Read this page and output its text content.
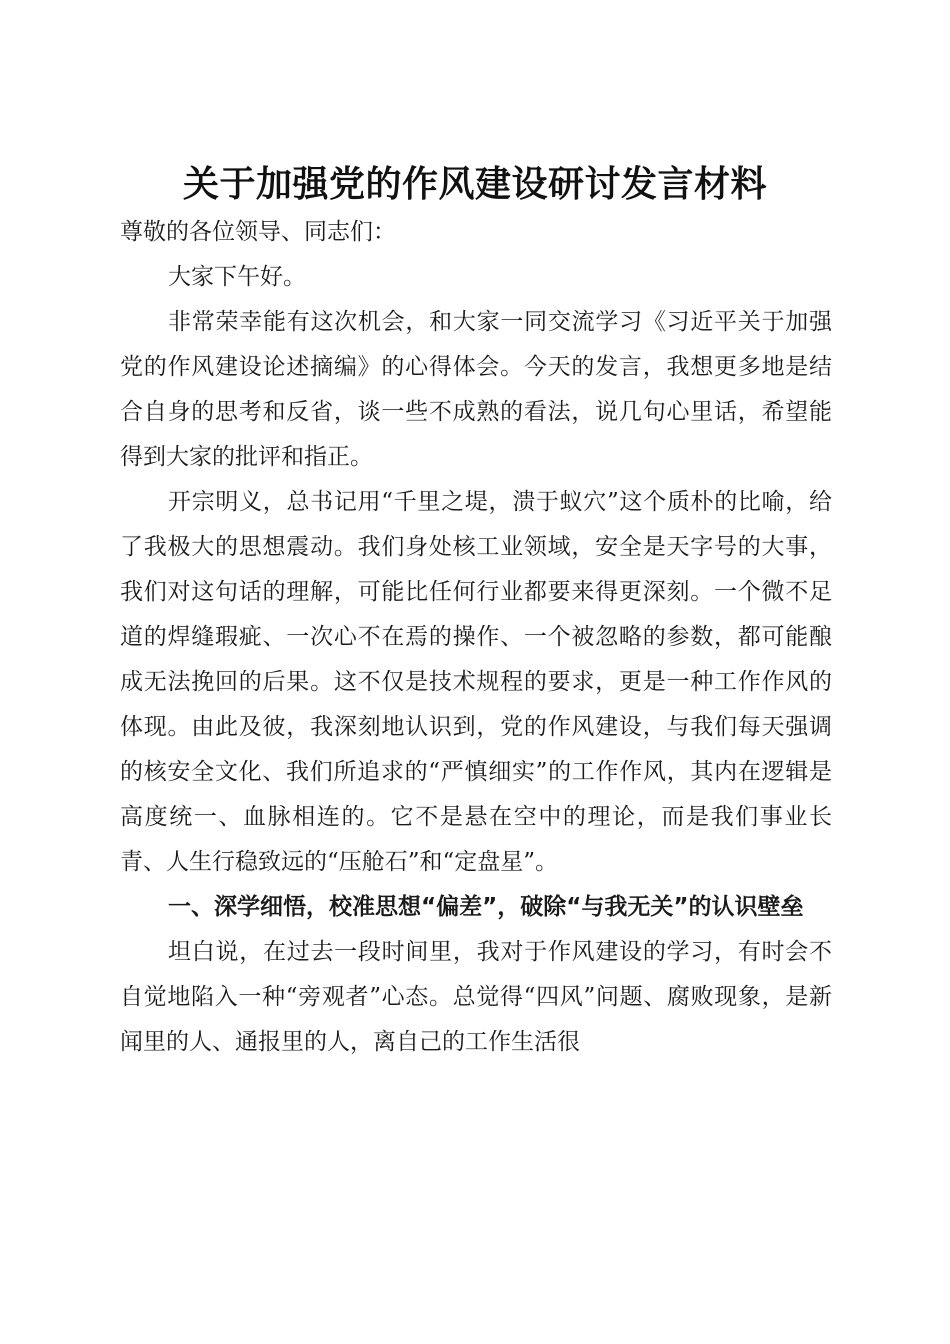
关于加强党的作风建设研讨发言材料

尊敬的各位领导、同志们：

大家下午好。

非常荣幸能有这次机会，和大家一同交流学习《习近平关于加强党的作风建设论述摘编》的心得体会。今天的发言，我想更多地是结合自身的思考和反省，谈一些不成熟的看法，说几句心里话，希望能得到大家的批评和指正。

开宗明义，总书记用“千里之堤，溃于蚁穴”这个质朴的比喻，给了我极大的思想震动。我们身处核工业领域，安全是天字号的大事，我们对这句话的理解，可能比任何行业都要来得更深刻。一个微不足道的焊缝瑕疵、一次心不在焉的操作、一个被忽略的参数，都可能酿成无法挽回的后果。这不仅是技术规程的要求，更是一种工作作风的体现。由此及彼，我深刻地认识到，党的作风建设，与我们每天强调的核安全文化、我们所追求的“严慎细实”的工作作风，其内在逻辑是高度统一、血脉相连的。它不是悬在空中的理论，而是我们事业长青、人生行稳致远的“压舱石”和“定盘星”。

一、深学细悟，校准思想“偏差”，破除“与我无关”的认识壁垒

坦白说，在过去一段时间里，我对于作风建设的学习，有时会不自觉地陷入一种“旁观者”心态。总觉得“四风”问题、腐败现象，是新闻里的人、通报里的人，离自己的工作生活很
